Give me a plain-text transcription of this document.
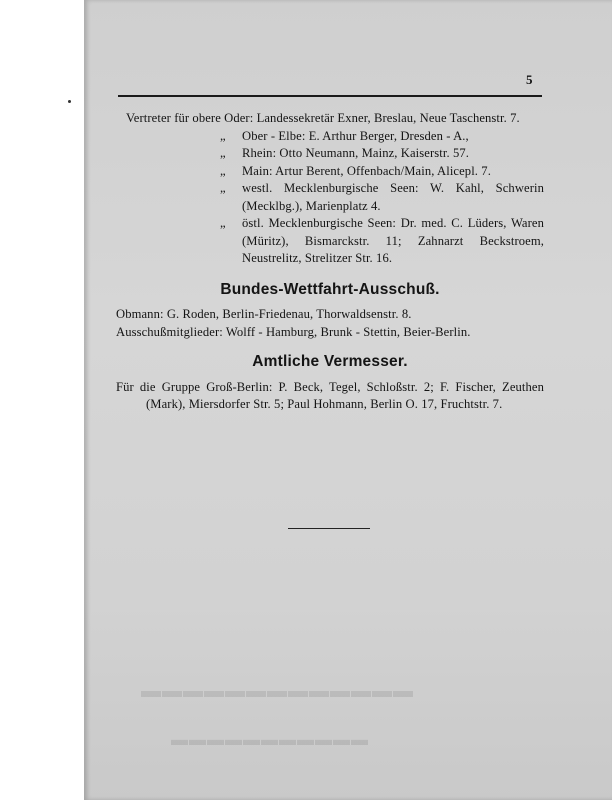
5
Vertreter für obere Oder: Landessekretär Exner, Breslau, Neue Taschenstr. 7.
„ Ober - Elbe: E. Arthur Berger, Dresden - A.,
„ Rhein: Otto Neumann, Mainz, Kaiserstr. 57.
„ Main: Artur Berent, Offenbach/Main, Alicepl. 7.
„ westl. Mecklenburgische Seen: W. Kahl, Schwerin (Mecklbg.), Marienplatz 4.
„ östl. Mecklenburgische Seen: Dr. med. C. Lüders, Waren (Müritz), Bismarckstr. 11; Zahnarzt Beckstroem, Neustrelitz, Strelitzer Str. 16.
Bundes-Wettfahrt-Ausschuß.
Obmann: G. Roden, Berlin-Friedenau, Thorwaldsenstr. 8.
Ausschußmitglieder: Wolff - Hamburg, Brunk - Stettin, Beier-Berlin.
Amtliche Vermesser.
Für die Gruppe Groß-Berlin: P. Beck, Tegel, Schloßstr. 2; F. Fischer, Zeuthen (Mark), Miersdorfer Str. 5; Paul Hohmann, Berlin O. 17, Fruchtstr. 7.
▬▬▬▬▬▬▬▬▬▬▬▬▬
▬▬▬▬▬▬▬▬▬▬▬
